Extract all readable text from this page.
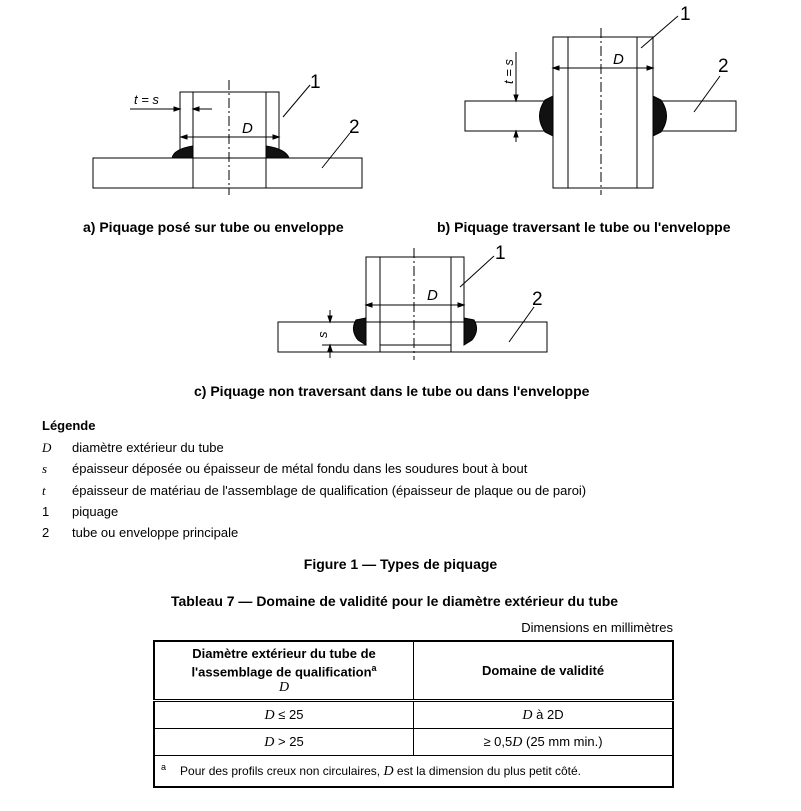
t = s
D
1
2
t = s	D
1
2
s
D
1
2
a) Piquage posé sur tube ou enveloppe	b) Piquage traversant le tube ou l'enveloppe
c) Piquage non traversant dans le tube ou dans l'enveloppe
Légende
D diamètre extérieur du tube
s épaisseur déposée ou épaisseur de métal fondu dans les soudures bout à bout
t épaisseur de matériau de l'assemblage de qualification (épaisseur de plaque ou de paroi)
1 piquage
2 tube ou enveloppe principale
Figure 1 — Types de piquage
Tableau 7 — Domaine de validité pour le diamètre extérieur du tube
Dimensions en millimètres
Diamètre extérieur du tube de
l'assemblage de qualification$^a$
D	Domaine de validité
D ≤ 25	D à 2D
D > 25	≥ 0,5D (25 mm min.)
$^a$ Pour des profils creux non circulaires, D est la dimension du plus petit côté.	
